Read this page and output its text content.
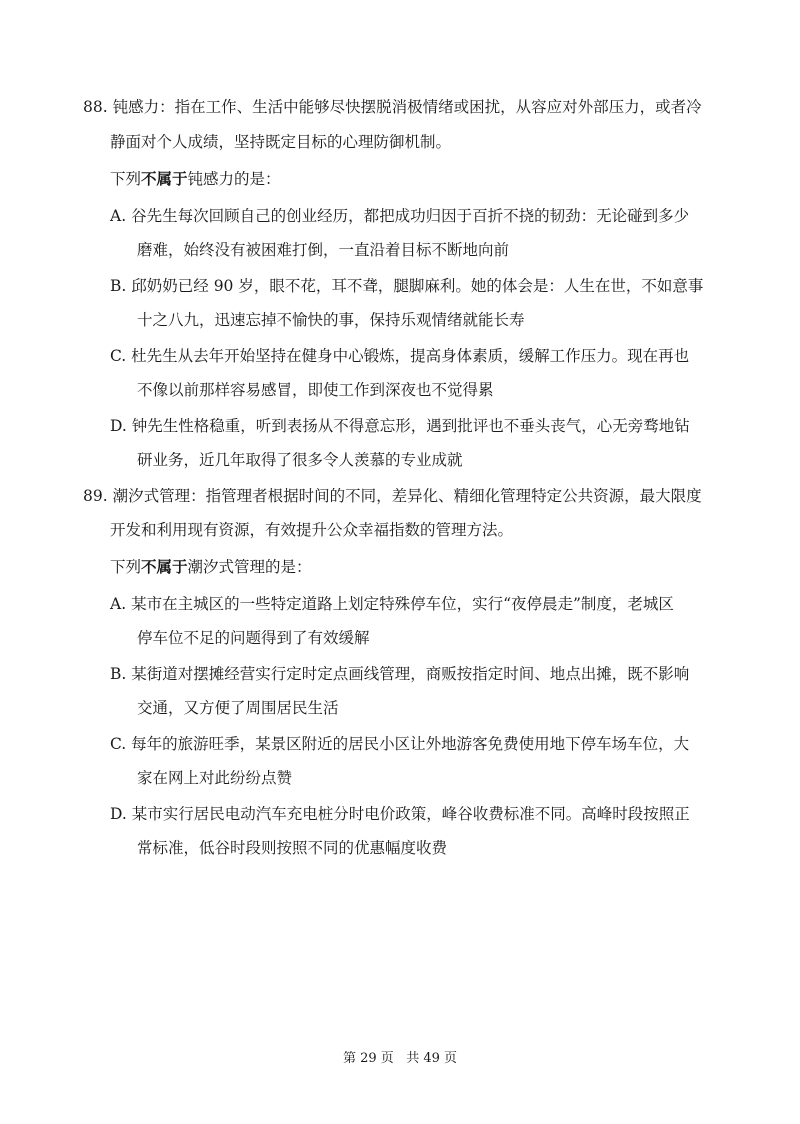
88. 钝感力：指在工作、生活中能够尽快摆脱消极情绪或困扰，从容应对外部压力，或者冷
静面对个人成绩，坚持既定目标的心理防御机制。
下列不属于钝感力的是：
A. 谷先生每次回顾自己的创业经历，都把成功归因于百折不挠的韧劲：无论碰到多少
磨难，始终没有被困难打倒，一直沿着目标不断地向前
B. 邱奶奶已经 90 岁，眼不花，耳不聋，腿脚麻利。她的体会是：人生在世，不如意事
十之八九，迅速忘掉不愉快的事，保持乐观情绪就能长寿
C. 杜先生从去年开始坚持在健身中心锻炼，提高身体素质，缓解工作压力。现在再也
不像以前那样容易感冒，即使工作到深夜也不觉得累
D. 钟先生性格稳重，听到表扬从不得意忘形，遇到批评也不垂头丧气，心无旁骛地钻
研业务，近几年取得了很多令人羡慕的专业成就
89. 潮汐式管理：指管理者根据时间的不同，差异化、精细化管理特定公共资源，最大限度
开发和利用现有资源，有效提升公众幸福指数的管理方法。
下列不属于潮汐式管理的是：
A. 某市在主城区的一些特定道路上划定特殊停车位，实行“夜停晨走”制度，老城区
停车位不足的问题得到了有效缓解
B. 某街道对摆摊经营实行定时定点画线管理，商贩按指定时间、地点出摊，既不影响
交通，又方便了周围居民生活
C. 每年的旅游旺季，某景区附近的居民小区让外地游客免费使用地下停车场车位，大
家在网上对此纷纷点赞
D. 某市实行居民电动汽车充电桩分时电价政策，峰谷收费标准不同。高峰时段按照正
常标准，低谷时段则按照不同的优惠幅度收费
第 29 页   共 49 页
